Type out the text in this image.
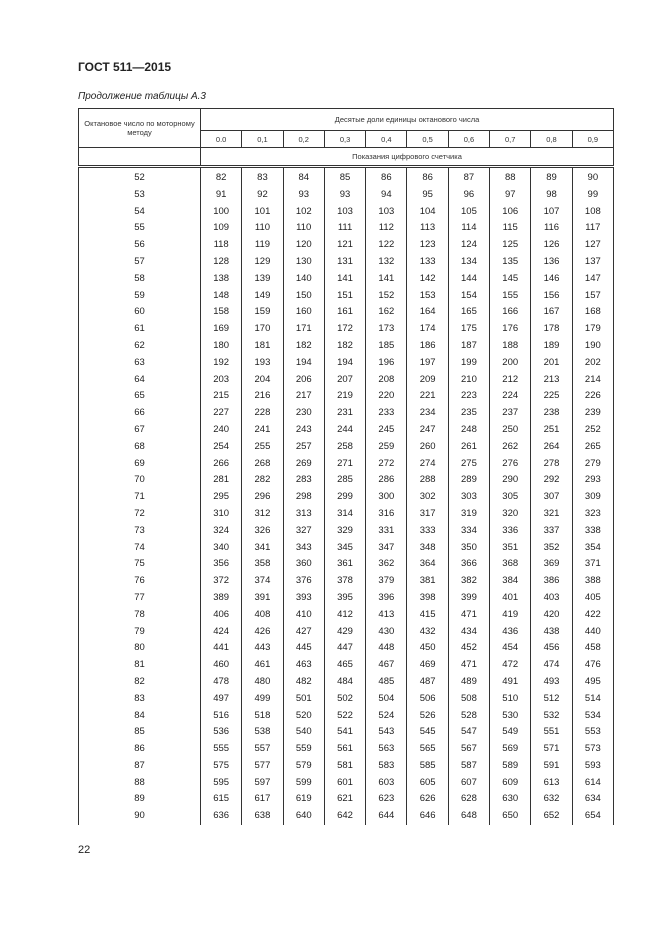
ГОСТ 511—2015
Продолжение таблицы А.3
Октановое число по моторному методу	Десятые доли единицы октанового числа									
	0.0	0,1	0,2	0,3	0,4	0,5	0,6	0,7	0,8	0,9
	Показания цифрового счетчика									
52	82	83	84	85	86	86	87	88	89	90
53	91	92	93	93	94	95	96	97	98	99
54	100	101	102	103	103	104	105	106	107	108
55	109	110	110	111	112	113	114	115	116	117
56	118	119	120	121	122	123	124	125	126	127
57	128	129	130	131	132	133	134	135	136	137
58	138	139	140	141	141	142	144	145	146	147
59	148	149	150	151	152	153	154	155	156	157
60	158	159	160	161	162	164	165	166	167	168
61	169	170	171	172	173	174	175	176	178	179
62	180	181	182	182	185	186	187	188	189	190
63	192	193	194	194	196	197	199	200	201	202
64	203	204	206	207	208	209	210	212	213	214
65	215	216	217	219	220	221	223	224	225	226
66	227	228	230	231	233	234	235	237	238	239
67	240	241	243	244	245	247	248	250	251	252
68	254	255	257	258	259	260	261	262	264	265
69	266	268	269	271	272	274	275	276	278	279
70	281	282	283	285	286	288	289	290	292	293
71	295	296	298	299	300	302	303	305	307	309
72	310	312	313	314	316	317	319	320	321	323
73	324	326	327	329	331	333	334	336	337	338
74	340	341	343	345	347	348	350	351	352	354
75	356	358	360	361	362	364	366	368	369	371
76	372	374	376	378	379	381	382	384	386	388
77	389	391	393	395	396	398	399	401	403	405
78	406	408	410	412	413	415	471	419	420	422
79	424	426	427	429	430	432	434	436	438	440
80	441	443	445	447	448	450	452	454	456	458
81	460	461	463	465	467	469	471	472	474	476
82	478	480	482	484	485	487	489	491	493	495
83	497	499	501	502	504	506	508	510	512	514
84	516	518	520	522	524	526	528	530	532	534
85	536	538	540	541	543	545	547	549	551	553
86	555	557	559	561	563	565	567	569	571	573
87	575	577	579	581	583	585	587	589	591	593
88	595	597	599	601	603	605	607	609	613	614
89	615	617	619	621	623	626	628	630	632	634
90	636	638	640	642	644	646	648	650	652	654
22
